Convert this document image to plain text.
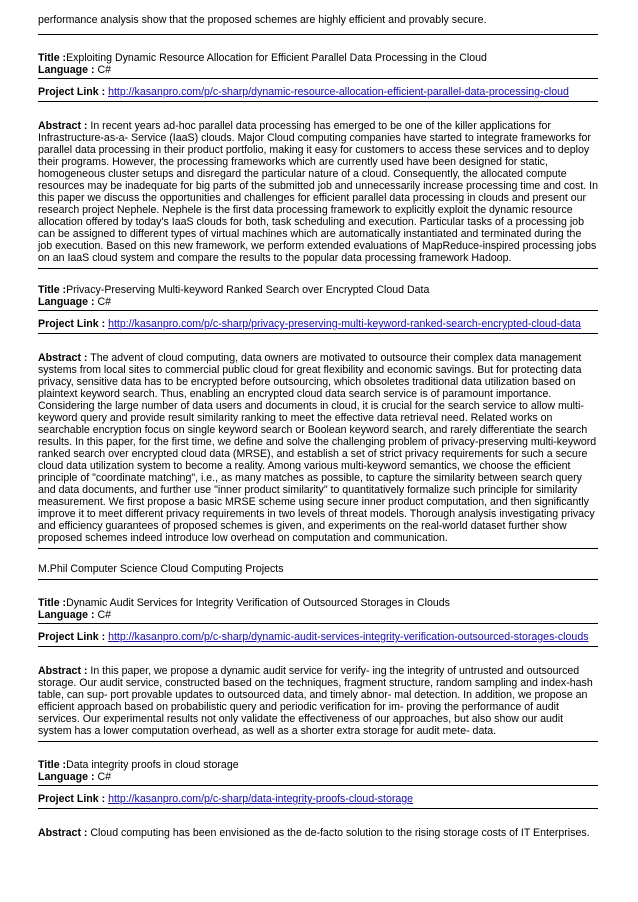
performance analysis show that the proposed schemes are highly efficient and provably secure.

Title :Exploiting Dynamic Resource Allocation for Efficient Parallel Data Processing in the Cloud

Language : C#

Project Link : http://kasanpro.com/p/c-sharp/dynamic-resource-allocation-efficient-parallel-data-processing-cloud

Abstract : In recent years ad-hoc parallel data processing has emerged to be one of the killer applications for Infrastructure-as-a- Service (IaaS) clouds. Major Cloud computing companies have started to integrate frameworks for parallel data processing in their product portfolio, making it easy for customers to access these services and to deploy their programs. However, the processing frameworks which are currently used have been designed for static, homogeneous cluster setups and disregard the particular nature of a cloud. Consequently, the allocated compute resources may be inadequate for big parts of the submitted job and unnecessarily increase processing time and cost. In this paper we discuss the opportunities and challenges for efficient parallel data processing in clouds and present our research project Nephele. Nephele is the first data processing framework to explicitly exploit the dynamic resource allocation offered by today's IaaS clouds for both, task scheduling and execution. Particular tasks of a processing job can be assigned to different types of virtual machines which are automatically instantiated and terminated during the job execution. Based on this new framework, we perform extended evaluations of MapReduce-inspired processing jobs on an IaaS cloud system and compare the results to the popular data processing framework Hadoop.

Title :Privacy-Preserving Multi-keyword Ranked Search over Encrypted Cloud Data

Language : C#

Project Link : http://kasanpro.com/p/c-sharp/privacy-preserving-multi-keyword-ranked-search-encrypted-cloud-data

Abstract : The advent of cloud computing, data owners are motivated to outsource their complex data management systems from local sites to commercial public cloud for great flexibility and economic savings. But for protecting data privacy, sensitive data has to be encrypted before outsourcing, which obsoletes traditional data utilization based on plaintext keyword search. Thus, enabling an encrypted cloud data search service is of paramount importance. Considering the large number of data users and documents in cloud, it is crucial for the search service to allow multi-keyword query and provide result similarity ranking to meet the effective data retrieval need. Related works on searchable encryption focus on single keyword search or Boolean keyword search, and rarely differentiate the search results. In this paper, for the first time, we define and solve the challenging problem of privacy-preserving multi-keyword ranked search over encrypted cloud data (MRSE), and establish a set of strict privacy requirements for such a secure cloud data utilization system to become a reality. Among various multi-keyword semantics, we choose the efficient principle of "coordinate matching", i.e., as many matches as possible, to capture the similarity between search query and data documents, and further use "inner product similarity" to quantitatively formalize such principle for similarity measurement. We first propose a basic MRSE scheme using secure inner product computation, and then significantly improve it to meet different privacy requirements in two levels of threat models. Thorough analysis investigating privacy and efficiency guarantees of proposed schemes is given, and experiments on the real-world dataset further show proposed schemes indeed introduce low overhead on computation and communication.

M.Phil Computer Science Cloud Computing Projects

Title :Dynamic Audit Services for Integrity Verification of Outsourced Storages in Clouds

Language : C#

Project Link : http://kasanpro.com/p/c-sharp/dynamic-audit-services-integrity-verification-outsourced-storages-clouds

Abstract : In this paper, we propose a dynamic audit service for verify- ing the integrity of untrusted and outsourced storage. Our audit service, constructed based on the techniques, fragment structure, random sampling and index-hash table, can sup- port provable updates to outsourced data, and timely abnor- mal detection. In addition, we propose an efficient approach based on probabilistic query and periodic verification for im- proving the performance of audit services. Our experimental results not only validate the effectiveness of our approaches, but also show our audit system has a lower computation overhead, as well as a shorter extra storage for audit mete- data.

Title :Data integrity proofs in cloud storage

Language : C#

Project Link : http://kasanpro.com/p/c-sharp/data-integrity-proofs-cloud-storage

Abstract : Cloud computing has been envisioned as the de-facto solution to the rising storage costs of IT Enterprises.
